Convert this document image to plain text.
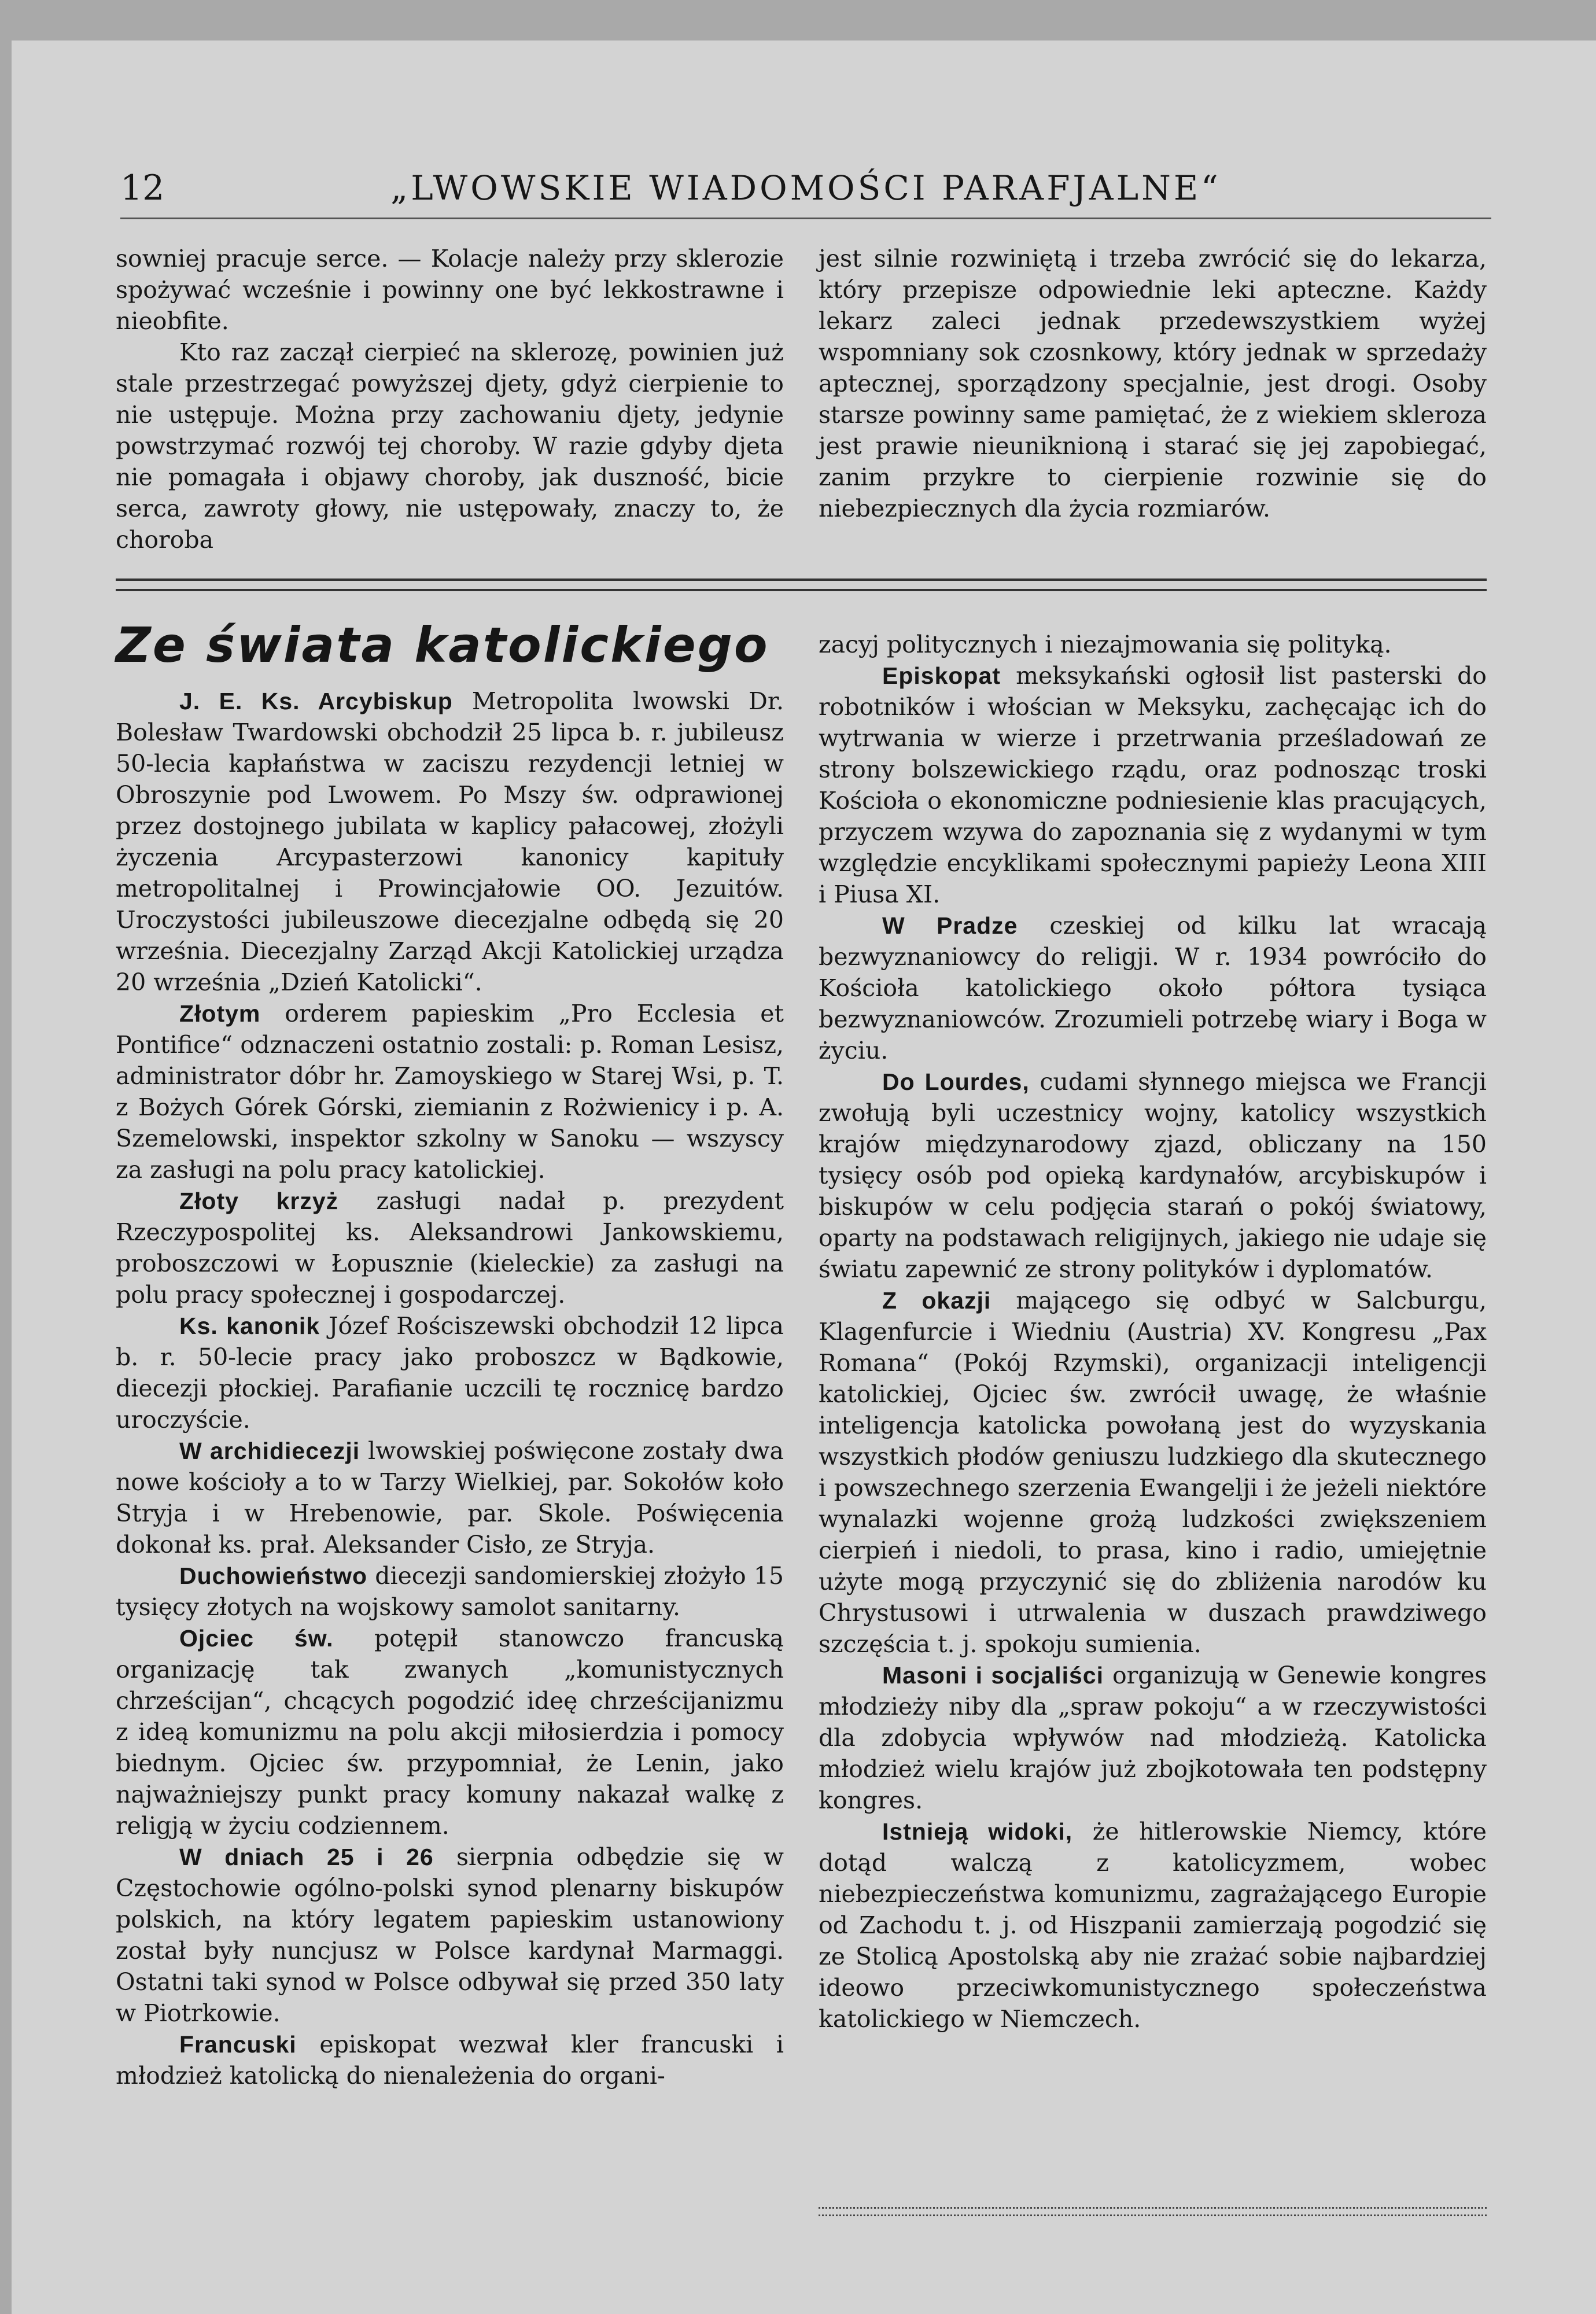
12	„LWOWSKIE WIADOMOŚCI PARAFJALNE“

sowniej pracuje serce. — Kolacje należy przy sklerozie spożywać wcześnie i powinny one być lekkostrawne i nieobfite.

Kto raz zaczął cierpieć na sklerozę, powinien już stale przestrzegać powyższej djety, gdyż cierpienie to nie ustępuje. Można przy zachowaniu djety, jedynie powstrzymać rozwój tej choroby. W razie gdyby djeta nie pomagała i objawy choroby, jak duszność, bicie serca, zawroty głowy, nie ustępowały, znaczy to, że choroba

jest silnie rozwiniętą i trzeba zwrócić się do lekarza, który przepisze odpowiednie leki apteczne. Każdy lekarz zaleci jednak przedewszystkiem wyżej wspomniany sok czosnkowy, który jednak w sprzedaży aptecznej, sporządzony specjalnie, jest drogi. Osoby starsze powinny same pamiętać, że z wiekiem skleroza jest prawie nieuniknioną i starać się jej zapobiegać, zanim przykre to cierpienie rozwinie się do niebezpiecznych dla życia rozmiarów.

Ze świata katolickiego

J. E. Ks. Arcybiskup Metropolita lwowski Dr. Bolesław Twardowski obchodził 25 lipca b. r. jubileusz 50-lecia kapłaństwa w zaciszu rezydencji letniej w Obroszynie pod Lwowem. Po Mszy św. odprawionej przez dostojnego jubilata w kaplicy pałacowej, złożyli życzenia Arcypasterzowi kanonicy kapituły metropolitalnej i Prowincjałowie OO. Jezuitów. Uroczystości jubileuszowe diecezjalne odbędą się 20 września. Diecezjalny Zarząd Akcji Katolickiej urządza 20 września „Dzień Katolicki“.

Złotym orderem papieskim „Pro Ecclesia et Pontifice“ odznaczeni ostatnio zostali: p. Roman Lesisz, administrator dóbr hr. Zamoyskiego w Starej Wsi, p. T. z Bożych Górek Górski, ziemianin z Rożwienicy i p. A. Szemelowski, inspektor szkolny w Sanoku — wszyscy za zasługi na polu pracy katolickiej.

Złoty krzyż zasługi nadał p. prezydent Rzeczypospolitej ks. Aleksandrowi Jankowskiemu, proboszczowi w Łopusznie (kieleckie) za zasługi na polu pracy społecznej i gospodarczej.

Ks. kanonik Józef Rościszewski obchodził 12 lipca b. r. 50-lecie pracy jako proboszcz w Bądkowie, diecezji płockiej. Parafianie uczcili tę rocznicę bardzo uroczyście.

W archidiecezji lwowskiej poświęcone zostały dwa nowe kościoły a to w Tarzy Wielkiej, par. Sokołów koło Stryja i w Hrebenowie, par. Skole. Poświęcenia dokonał ks. prał. Aleksander Cisło, ze Stryja.

Duchowieństwo diecezji sandomierskiej złożyło 15 tysięcy złotych na wojskowy samolot sanitarny.

Ojciec św. potępił stanowczo francuską organizację tak zwanych „komunistycznych chrześcijan“, chcących pogodzić ideę chrześcijanizmu z ideą komunizmu na polu akcji miłosierdzia i pomocy biednym. Ojciec św. przypomniał, że Lenin, jako najważniejszy punkt pracy komuny nakazał walkę z religją w życiu codziennem.

W dniach 25 i 26 sierpnia odbędzie się w Częstochowie ogólno-polski synod plenarny biskupów polskich, na który legatem papieskim ustanowiony został były nuncjusz w Polsce kardynał Marmaggi. Ostatni taki synod w Polsce odbywał się przed 350 laty w Piotrkowie.

Francuski episkopat wezwał kler francuski i młodzież katolicką do nienależenia do organi-

zacyj politycznych i niezajmowania się polityką.

Episkopat meksykański ogłosił list pasterski do robotników i włościan w Meksyku, zachęcając ich do wytrwania w wierze i przetrwania prześladowań ze strony bolszewickiego rządu, oraz podnosząc troski Kościoła o ekonomiczne podniesienie klas pracujących, przyczem wzywa do zapoznania się z wydanymi w tym względzie encyklikami społecznymi papieży Leona XIII i Piusa XI.

W Pradze czeskiej od kilku lat wracają bezwyznaniowcy do religji. W r. 1934 powróciło do Kościoła katolickiego około półtora tysiąca bezwyznaniowców. Zrozumieli potrzebę wiary i Boga w życiu.

Do Lourdes, cudami słynnego miejsca we Francji zwołują byli uczestnicy wojny, katolicy wszystkich krajów międzynarodowy zjazd, obliczany na 150 tysięcy osób pod opieką kardynałów, arcybiskupów i biskupów w celu podjęcia starań o pokój światowy, oparty na podstawach religijnych, jakiego nie udaje się światu zapewnić ze strony polityków i dyplomatów.

Z okazji mającego się odbyć w Salcburgu, Klagenfurcie i Wiedniu (Austria) XV. Kongresu „Pax Romana“ (Pokój Rzymski), organizacji inteligencji katolickiej, Ojciec św. zwrócił uwagę, że właśnie inteligencja katolicka powołaną jest do wyzyskania wszystkich płodów geniuszu ludzkiego dla skutecznego i powszechnego szerzenia Ewangelji i że jeżeli niektóre wynalazki wojenne grożą ludzkości zwiększeniem cierpień i niedoli, to prasa, kino i radio, umiejętnie użyte mogą przyczynić się do zbliżenia narodów ku Chrystusowi i utrwalenia w duszach prawdziwego szczęścia t. j. spokoju sumienia.

Masoni i socjaliści organizują w Genewie kongres młodzieży niby dla „spraw pokoju“ a w rzeczywistości dla zdobycia wpływów nad młodzieżą. Katolicka młodzież wielu krajów już zbojkotowała ten podstępny kongres.

Istnieją widoki, że hitlerowskie Niemcy, które dotąd walczą z katolicyzmem, wobec niebezpieczeństwa komunizmu, zagrażającego Europie od Zachodu t. j. od Hiszpanii zamierzają pogodzić się ze Stolicą Apostolską aby nie zrażać sobie najbardziej ideowo przeciwkomunistycznego społeczeństwa katolickiego w Niemczech.
